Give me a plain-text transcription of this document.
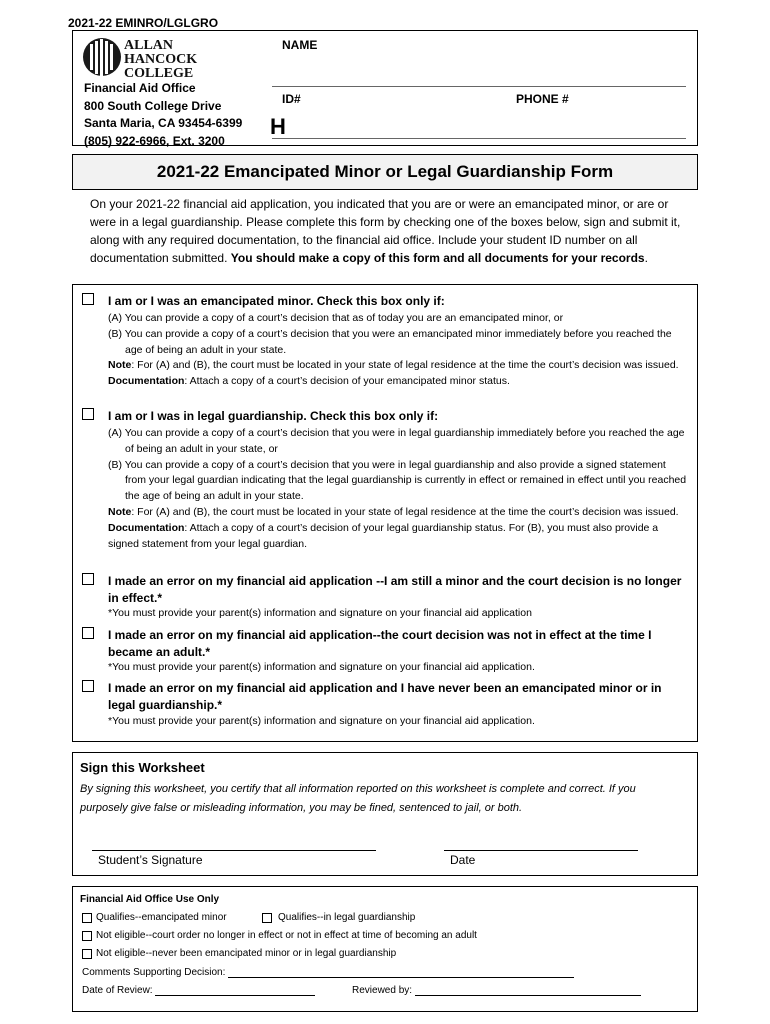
2021-22 EMINRO/LGLGRO
ALLAN
HANCOCK
COLLEGE
Financial Aid Office
800 South College Drive
Santa Maria, CA 93454-6399
(805) 922-6966, Ext. 3200
NAME
ID#	PHONE #
H
2021-22 Emancipated Minor or Legal Guardianship Form
On your 2021-22 financial aid application, you indicated that you are or were an emancipated minor, or are or were in a legal guardianship. Please complete this form by checking one of the boxes below, sign and submit it, along with any required documentation, to the financial aid office. Include your student ID number on all documentation submitted. You should make a copy of this form and all documents for your records.
I am or I was an emancipated minor. Check this box only if:
(A) You can provide a copy of a court’s decision that as of today you are an emancipated minor, or
(B) You can provide a copy of a court’s decision that you were an emancipated minor immediately before you reached the age of being an adult in your state.
Note: For (A) and (B), the court must be located in your state of legal residence at the time the court’s decision was issued.
Documentation: Attach a copy of a court’s decision of your emancipated minor status.
I am or I was in legal guardianship. Check this box only if:
(A) You can provide a copy of a court’s decision that you were in legal guardianship immediately before you reached the age of being an adult in your state, or
(B) You can provide a copy of a court’s decision that you were in legal guardianship and also provide a signed statement from your legal guardian indicating that the legal guardianship is currently in effect or remained in effect until you reached the age of being an adult in your state.
Note: For (A) and (B), the court must be located in your state of legal residence at the time the court’s decision was issued.
Documentation: Attach a copy of a court’s decision of your legal guardianship status. For (B), you must also provide a signed statement from your legal guardian.
I made an error on my financial aid application --I am still a minor and the court decision is no longer in effect.*
*You must provide your parent(s) information and signature on your financial aid application
I made an error on my financial aid application--the court decision was not in effect at the time I became an adult.*
*You must provide your parent(s) information and signature on your financial aid application.
I made an error on my financial aid application and I have never been an emancipated minor or in legal guardianship.*
*You must provide your parent(s) information and signature on your financial aid application.
Sign this Worksheet
By signing this worksheet, you certify that all information reported on this worksheet is complete and correct. If you purposely give false or misleading information, you may be fined, sentenced to jail, or both.
Student’s Signature	Date
Financial Aid Office Use Only
Qualifies--emancipated minor	Qualifies--in legal guardianship
Not eligible--court order no longer in effect or not in effect at time of becoming an adult
Not eligible--never been emancipated minor or in legal guardianship
Comments Supporting Decision:
Date of Review:	Reviewed by:
